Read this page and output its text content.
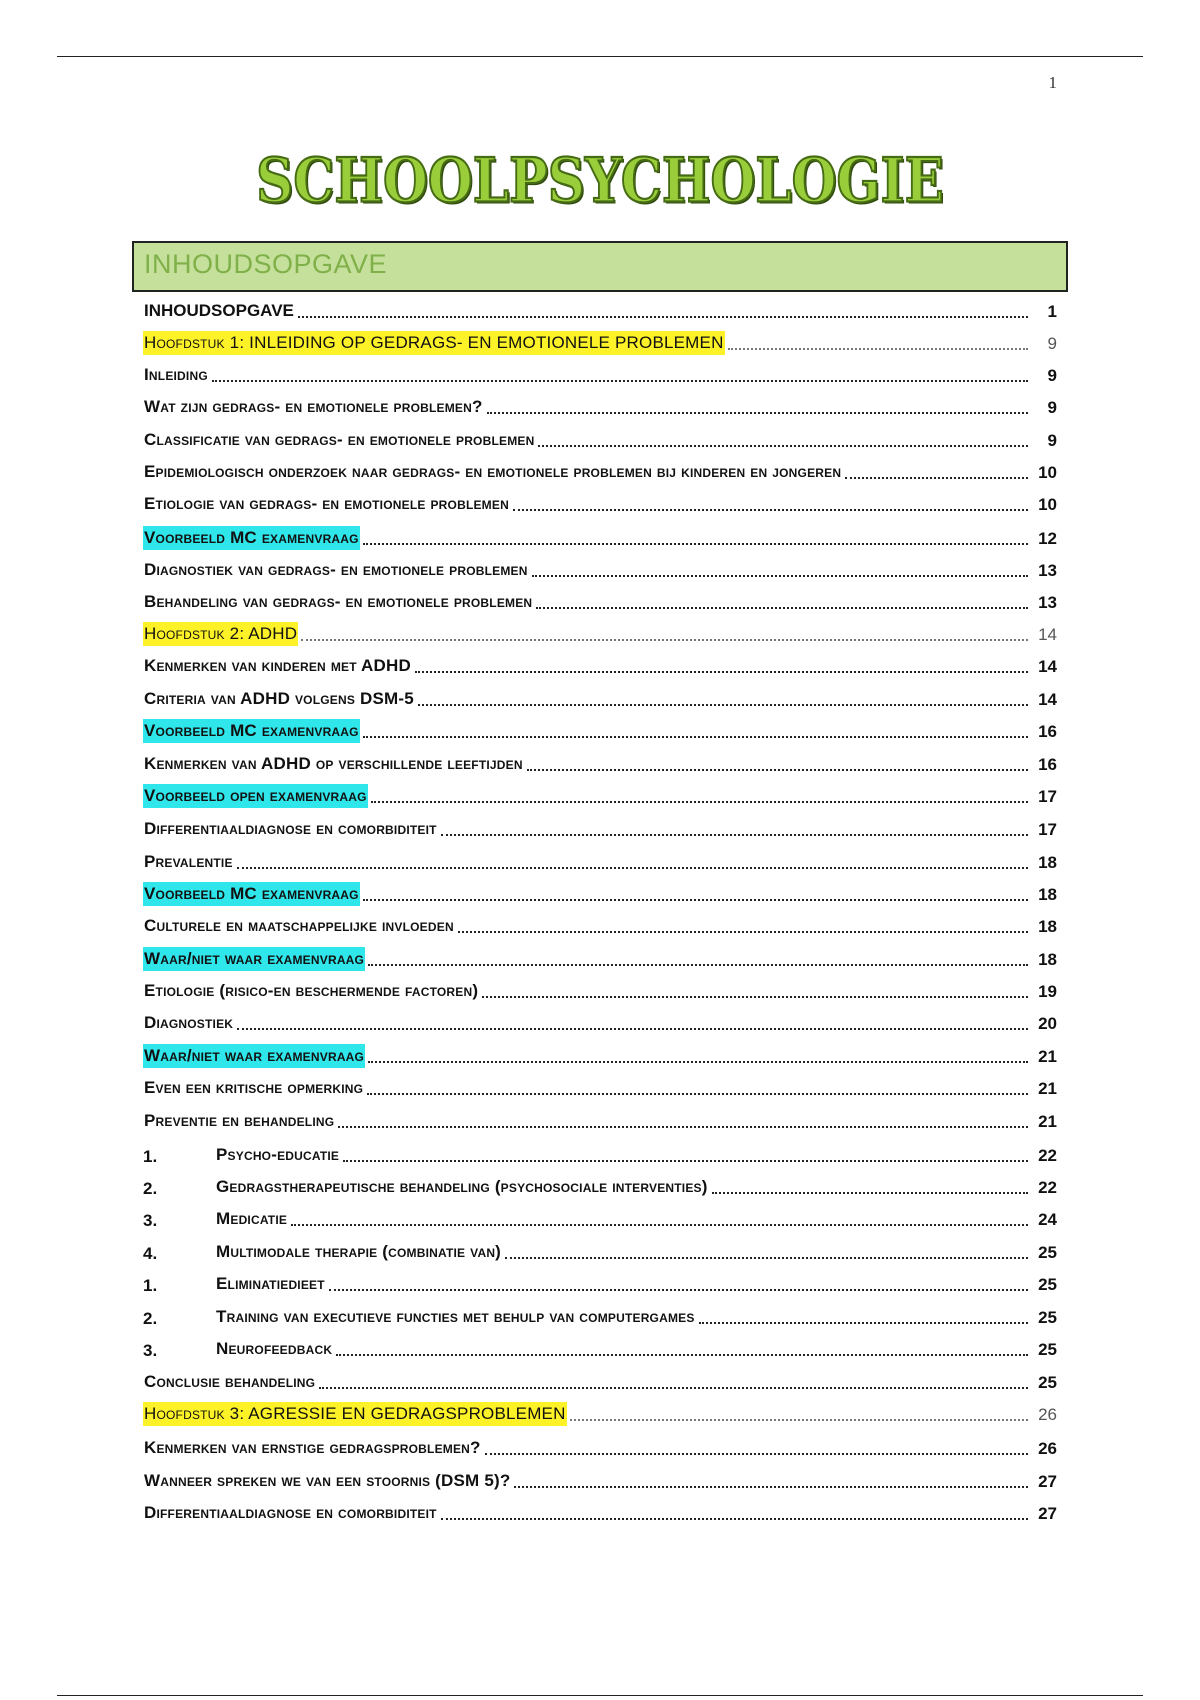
1
SCHOOLPSYCHOLOGIE
INHOUDSOPGAVE
INHOUDSOPGAVE	1
Hoofdstuk 1: INLEIDING OP GEDRAGS- EN EMOTIONELE PROBLEMEN	9
Inleiding	9
Wat zijn gedrags- en emotionele problemen?	9
Classificatie van gedrags- en emotionele problemen	9
Epidemiologisch onderzoek naar gedrags- en emotionele problemen bij kinderen en jongeren	10
Etiologie van gedrags- en emotionele problemen	10
Voorbeeld MC examenvraag	12
Diagnostiek van gedrags- en emotionele problemen	13
Behandeling van gedrags- en emotionele problemen	13
Hoofdstuk 2: ADHD	14
Kenmerken van kinderen met ADHD	14
Criteria van ADHD volgens DSM-5	14
Voorbeeld MC examenvraag	16
Kenmerken van ADHD op verschillende leeftijden	16
Voorbeeld open examenvraag	17
Differentiaaldiagnose en comorbiditeit	17
Prevalentie	18
Voorbeeld MC examenvraag	18
Culturele en maatschappelijke invloeden	18
Waar/niet waar examenvraag	18
Etiologie (risico-en beschermende factoren)	19
Diagnostiek	20
Waar/niet waar examenvraag	21
Even een kritische opmerking	21
Preventie en behandeling	21
1.	Psycho-educatie	22
2.	Gedragstherapeutische behandeling (psychosociale interventies)	22
3.	Medicatie	24
4.	Multimodale therapie (combinatie van)	25
1.	Eliminatiedieet	25
2.	Training van executieve functies met behulp van computergames	25
3.	Neurofeedback	25
Conclusie behandeling	25
Hoofdstuk 3: AGRESSIE EN GEDRAGSPROBLEMEN	26
Kenmerken van ernstige gedragsproblemen?	26
Wanneer spreken we van een stoornis (DSM 5)?	27
Differentiaaldiagnose en comorbiditeit	27
